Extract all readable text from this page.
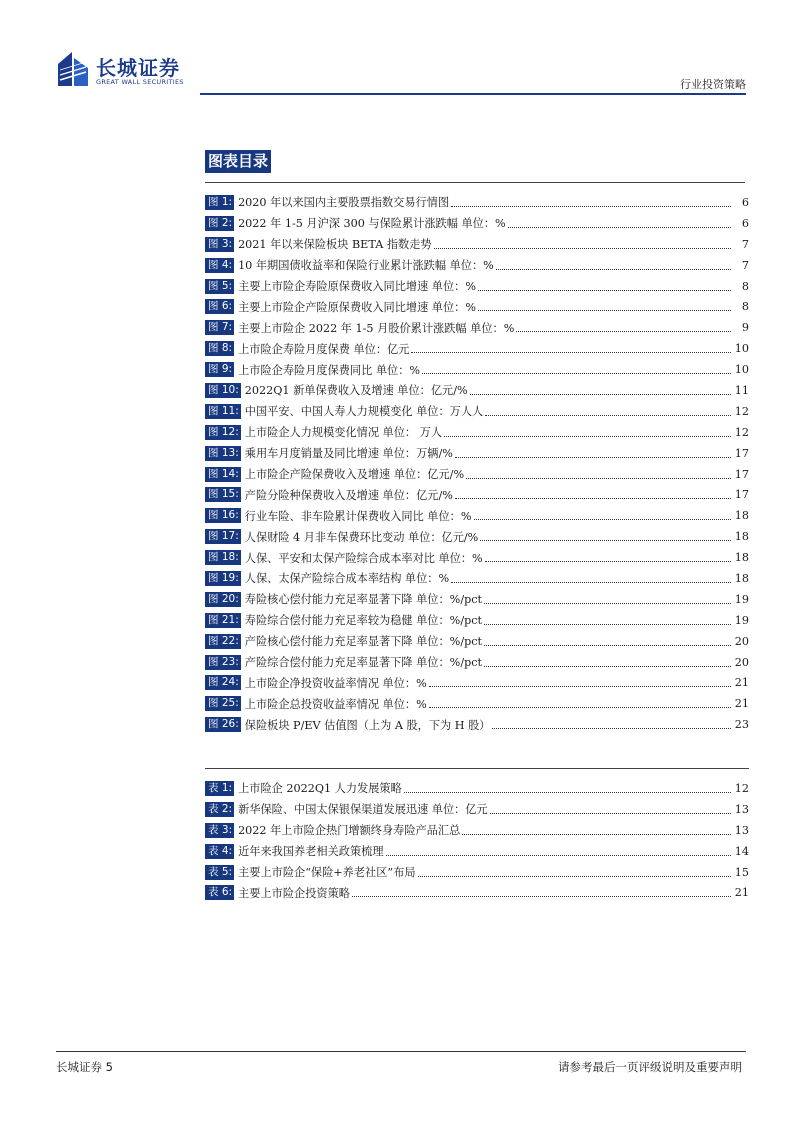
长城证券
GREAT WALL SECURITIES	行业投资策略
图表目录
图 1: 2020 年以来国内主要股票指数交易行情图	6
图 2: 2022 年 1-5 月沪深 300 与保险累计涨跌幅 单位：%	6
图 3: 2021 年以来保险板块 BETA 指数走势	7
图 4: 10 年期国债收益率和保险行业累计涨跌幅 单位：%	7
图 5: 主要上市险企寿险原保费收入同比增速 单位：%	8
图 6: 主要上市险企产险原保费收入同比增速 单位：%	8
图 7: 主要上市险企 2022 年 1-5 月股价累计涨跌幅 单位：%	9
图 8: 上市险企寿险月度保费 单位：亿元	10
图 9: 上市险企寿险月度保费同比 单位：%	10
图 10: 2022Q1 新单保费收入及增速 单位：亿元/%	11
图 11: 中国平安、中国人寿人力规模变化 单位：万人人	12
图 12: 上市险企人力规模变化情况 单位： 万人	12
图 13: 乘用车月度销量及同比增速 单位：万辆/%	17
图 14: 上市险企产险保费收入及增速 单位：亿元/%	17
图 15: 产险分险种保费收入及增速 单位：亿元/%	17
图 16: 行业车险、非车险累计保费收入同比 单位：%	18
图 17: 人保财险 4 月非车保费环比变动 单位：亿元/%	18
图 18: 人保、平安和太保产险综合成本率对比 单位：%	18
图 19: 人保、太保产险综合成本率结构 单位：%	18
图 20: 寿险核心偿付能力充足率显著下降 单位：%/pct	19
图 21: 寿险综合偿付能力充足率较为稳健 单位：%/pct	19
图 22: 产险核心偿付能力充足率显著下降 单位：%/pct	20
图 23: 产险综合偿付能力充足率显著下降 单位：%/pct	20
图 24: 上市险企净投资收益率情况 单位：%	21
图 25: 上市险企总投资收益率情况 单位：%	21
图 26: 保险板块 P/EV 估值图（上为 A 股，下为 H 股）	23
表 1: 上市险企 2022Q1 人力发展策略	12
表 2: 新华保险、中国太保银保渠道发展迅速 单位：亿元	13
表 3: 2022 年上市险企热门增额终身寿险产品汇总	13
表 4: 近年来我国养老相关政策梳理	14
表 5: 主要上市险企“保险+养老社区”布局	15
表 6: 主要上市险企投资策略	21
长城证券 5	请参考最后一页评级说明及重要声明
